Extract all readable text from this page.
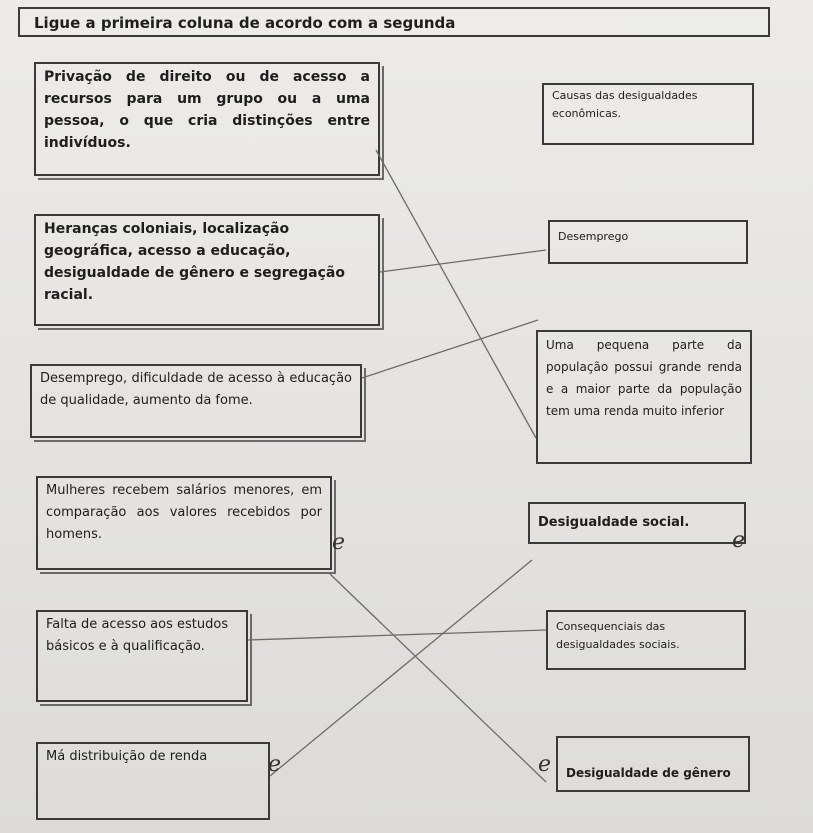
Ligue a primeira coluna de acordo com a segunda
Privação de direito ou de acesso a recursos para um grupo ou a uma pessoa, o que cria distinções entre indivíduos.
Heranças coloniais, localização geográfica, acesso a educação, desigualdade de gênero e segregação racial.
Desemprego, dificuldade de acesso à educação de qualidade, aumento da fome.
Mulheres recebem salários menores, em comparação aos valores recebidos por homens.
Falta de acesso aos estudos básicos e à qualificação.
Má distribuição de renda
Causas das desigualdades econômicas.
Desemprego
Uma pequena parte da população possui grande renda e a maior parte da população tem uma renda muito inferior
Desigualdade social.
Consequenciais das desigualdades sociais.
Desigualdade de gênero
e	e
e	e
